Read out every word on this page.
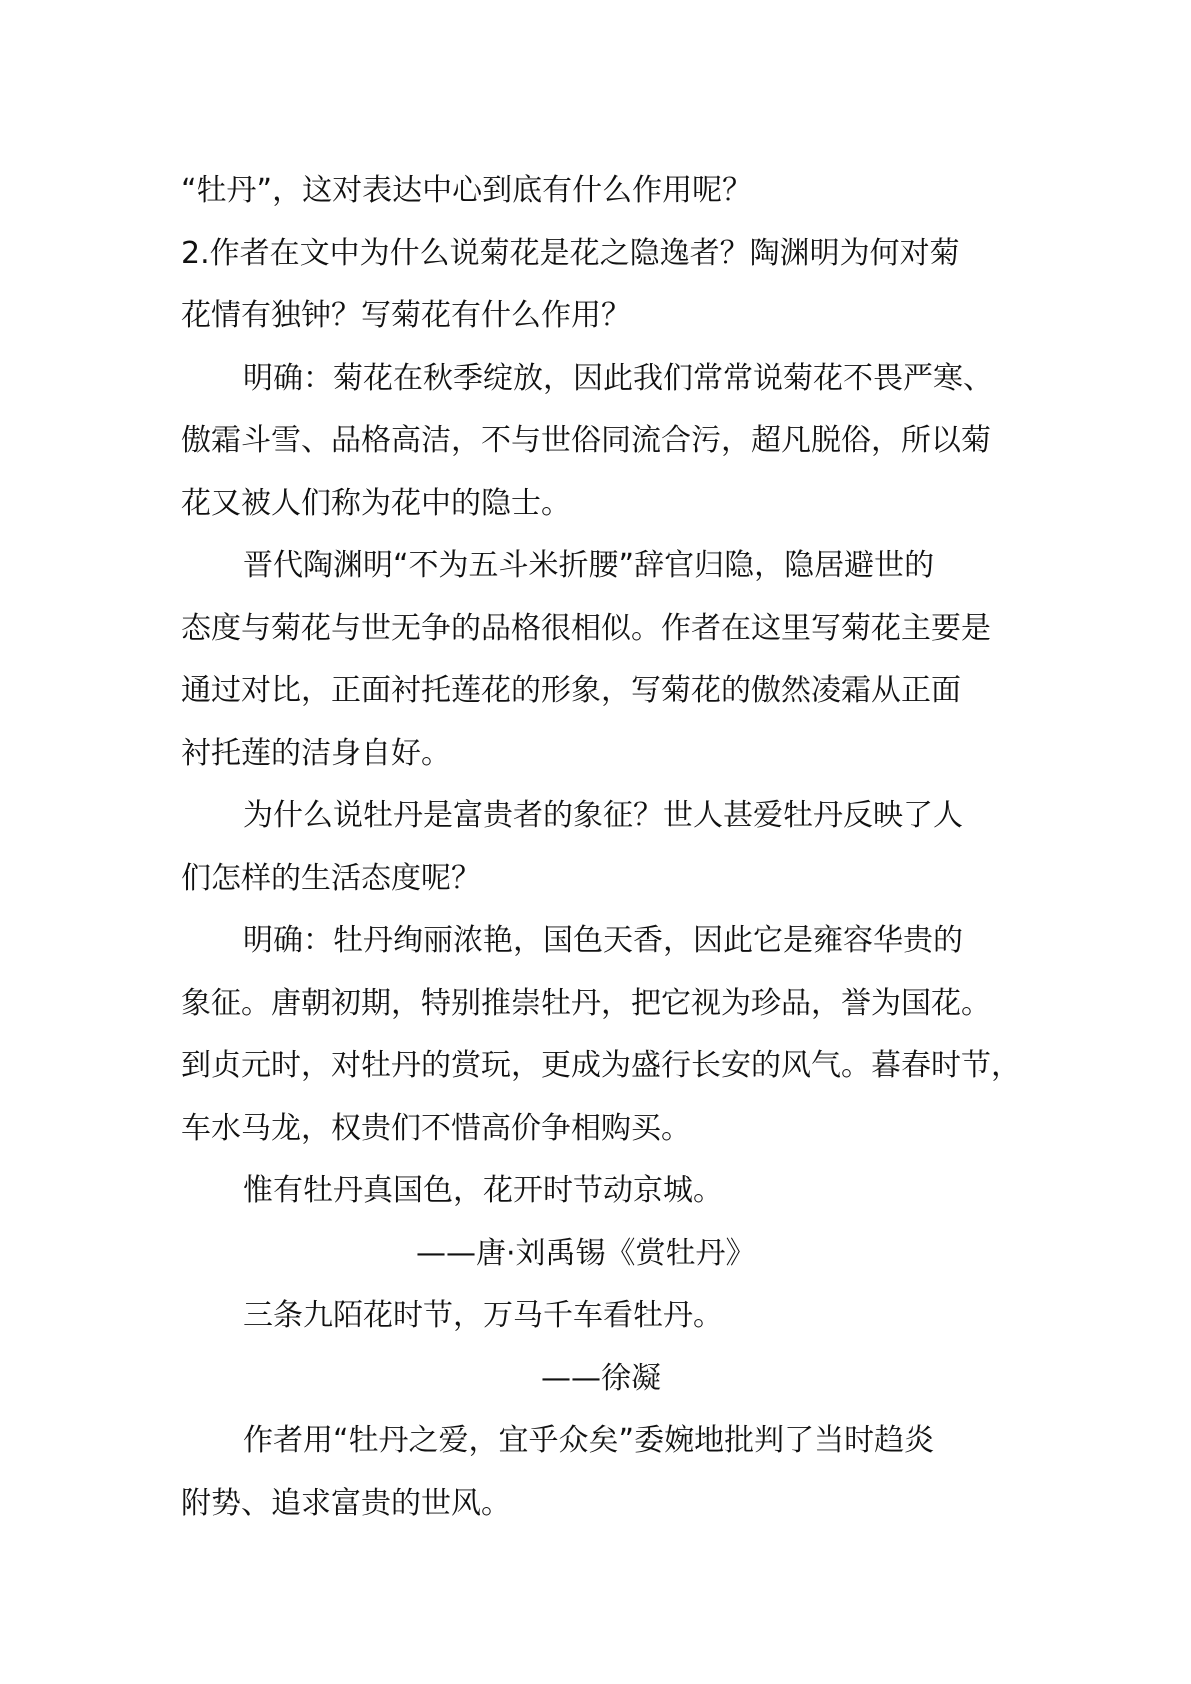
“牡丹”，这对表达中心到底有什么作用呢？
2.作者在文中为什么说菊花是花之隐逸者？陶渊明为何对菊
花情有独钟？写菊花有什么作用？
明确：菊花在秋季绽放，因此我们常常说菊花不畏严寒、
傲霜斗雪、品格高洁，不与世俗同流合污，超凡脱俗，所以菊
花又被人们称为花中的隐士。
晋代陶渊明“不为五斗米折腰”辞官归隐，隐居避世的
态度与菊花与世无争的品格很相似。作者在这里写菊花主要是
通过对比，正面衬托莲花的形象，写菊花的傲然凌霜从正面
衬托莲的洁身自好。
为什么说牡丹是富贵者的象征？世人甚爱牡丹反映了人
们怎样的生活态度呢？
明确：牡丹绚丽浓艳，国色天香，因此它是雍容华贵的
象征。唐朝初期，特别推崇牡丹，把它视为珍品，誉为国花。
到贞元时，对牡丹的赏玩，更成为盛行长安的风气。暮春时节，
车水马龙，权贵们不惜高价争相购买。
惟有牡丹真国色，花开时节动京城。
——唐·刘禹锡《赏牡丹》
三条九陌花时节，万马千车看牡丹。
——徐凝
作者用“牡丹之爱，宜乎众矣”委婉地批判了当时趋炎
附势、追求富贵的世风。
